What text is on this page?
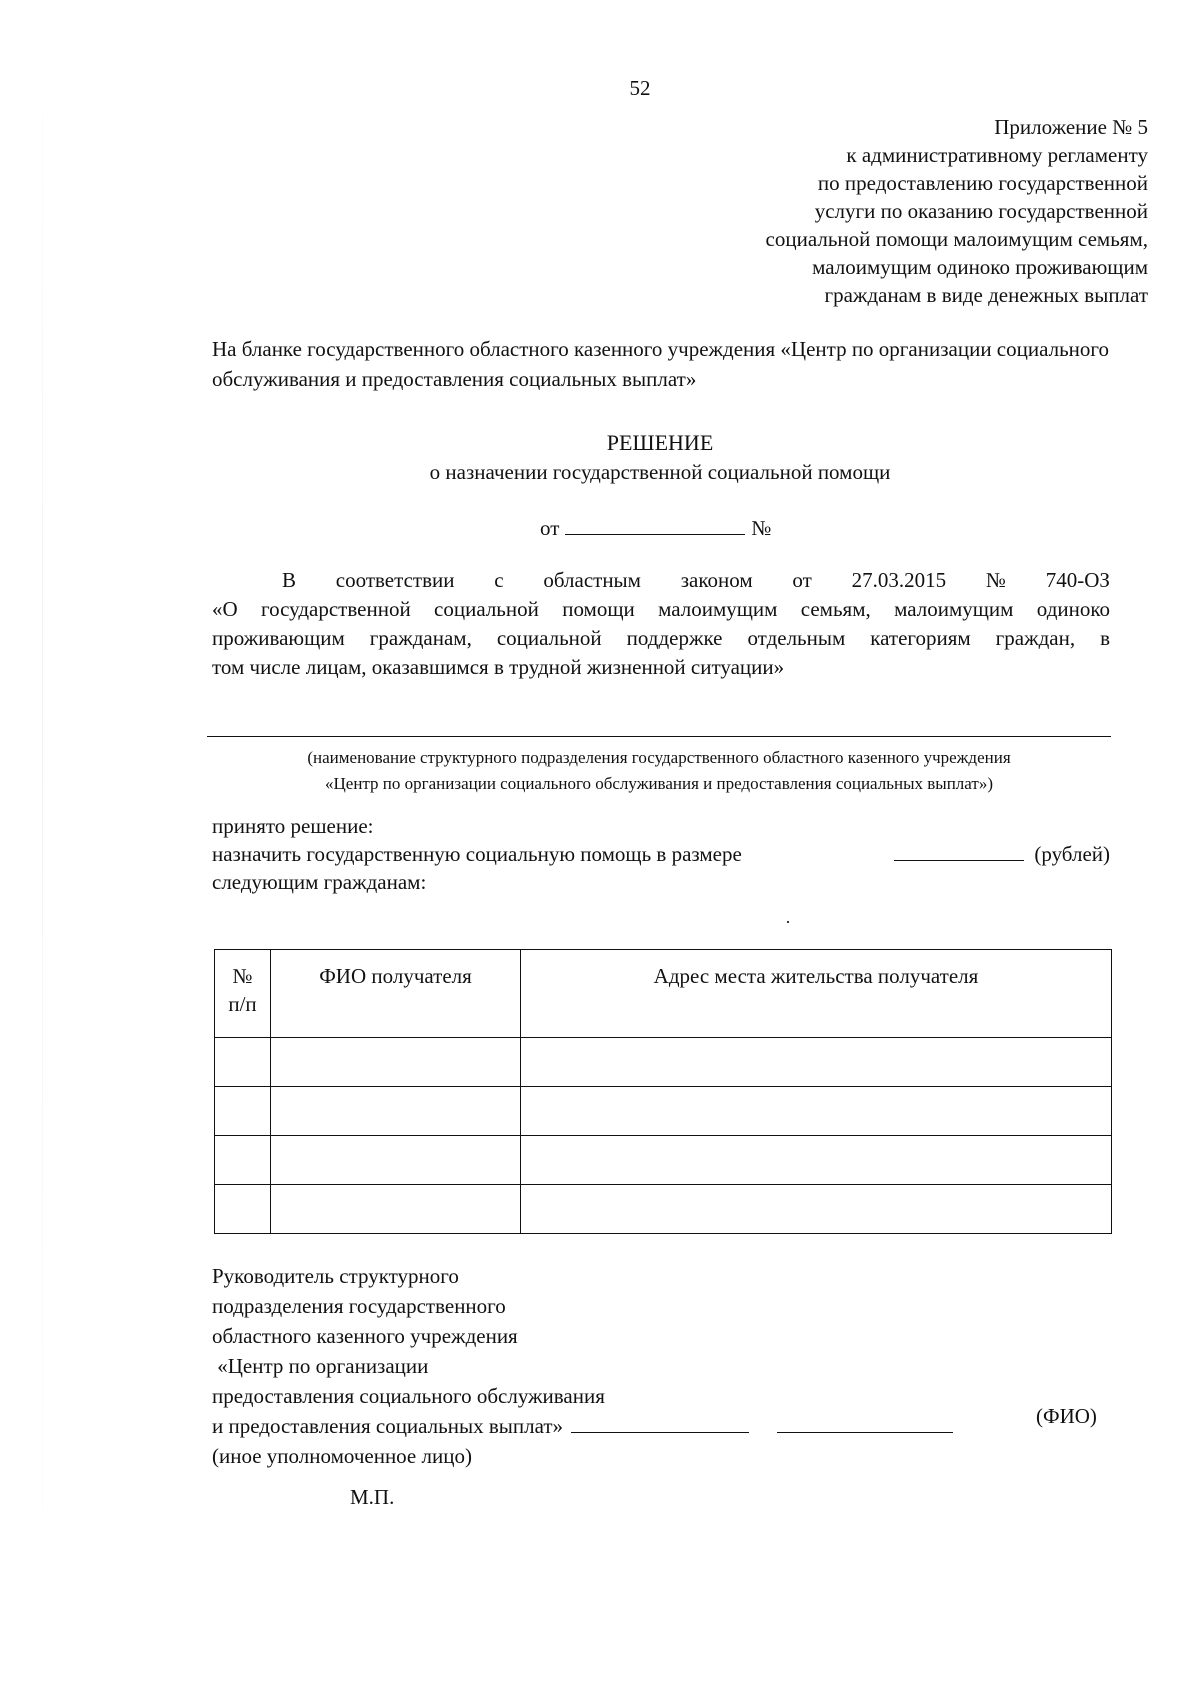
52
Приложение № 5
к административному регламенту
по предоставлению государственной
услуги по оказанию государственной
социальной помощи малоимущим семьям,
малоимущим одиноко проживающим
гражданам в виде денежных выплат
На бланке государственного областного казенного учреждения «Центр по организации социального обслуживания и предоставления социальных выплат»
РЕШЕНИЕ
о назначении государственной социальной помощи
от	№
В соответствии с областным законом от 27.03.2015 № 740-ОЗ

«О государственной социальной помощи малоимущим семьям, малоимущим одиноко

проживающим гражданам, социальной поддержке отдельным категориям граждан, в

том числе лицам, оказавшимся в трудной жизненной ситуации»

(наименование структурного подразделения государственного областного казенного учреждения
«Центр по организации социального обслуживания и предоставления социальных выплат»)
принято решение:
назначить государственную социальную помощь в размере	(рублей)
следующим гражданам:
·
№ п/п	ФИО получателя	Адрес места жительства получателя

Руководитель структурного
подразделения государственного
областного казенного учреждения
«Центр по организации
предоставления социального обслуживания
и предоставления социальных выплат»
(иное уполномоченное лицо)
(ФИО)
М.П.
